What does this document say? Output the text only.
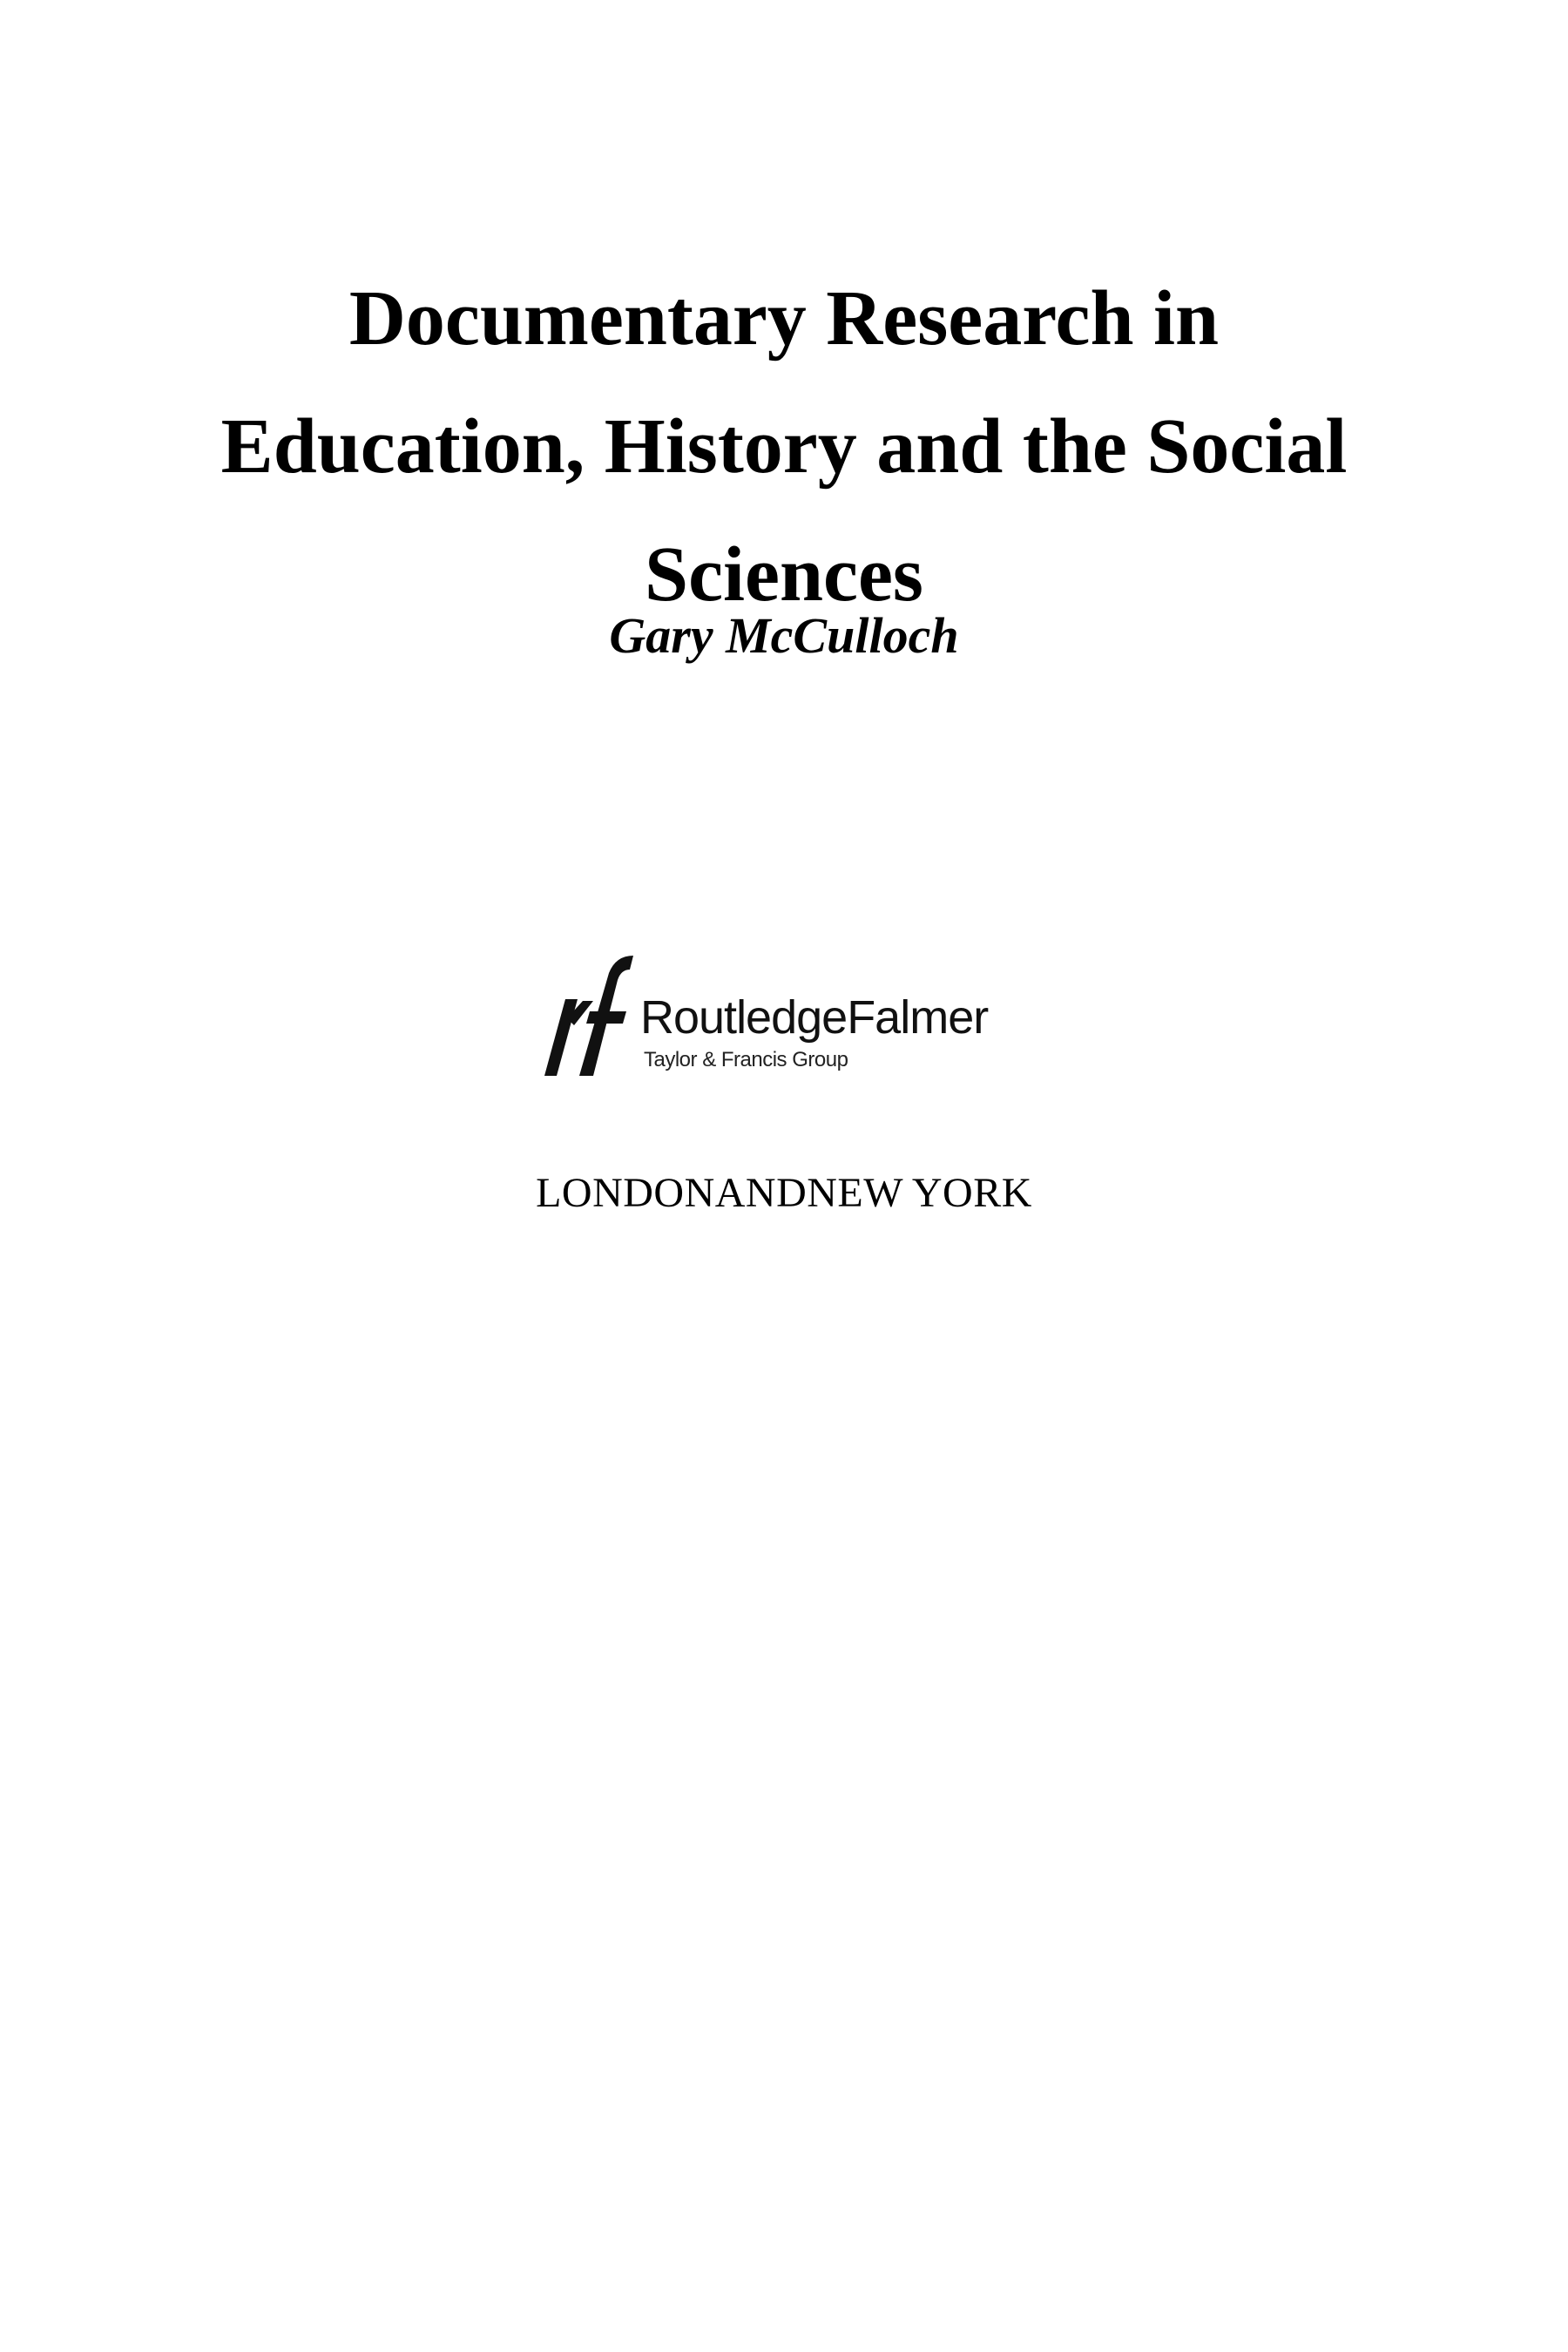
Documentary Research in
Education, History and the Social
Sciences
Gary McCulloch
RoutledgeFalmer
Taylor & Francis Group
LONDONANDNEW YORK
